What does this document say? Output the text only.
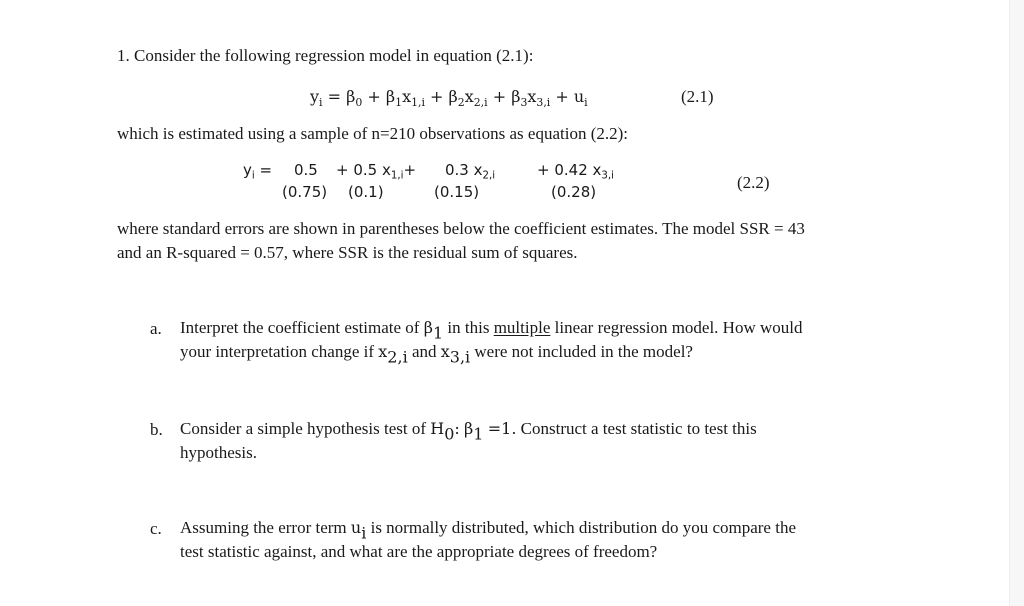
1. Consider the following regression model in equation (2.1):
$y_i = \beta_0 + \beta_1x_{1,i} + \beta_2x_{2,i} + \beta_3x_{3,i} + u_i$	(2.1)
which is estimated using a sample of n=210 observations as equation (2.2):
$y_i = 0.5 + 0.5$ $x_{1,i}+ 0.3$ $x_{2,i}$	+ 0.42 $x_{3,i}$
(0.75) (0.1)	(0.15)	(0.28)	(2.2)
where standard errors are shown in parentheses below the coefficient estimates. The model SSR = 43
and an R-squared = 0.57, where SSR is the residual sum of squares.
a. Interpret the coefficient estimate of $\beta_1$ in this multiple linear regression model. How would
your interpretation change if $x_{2,i}$ and $x_{3,i}$ were not included in the model?
b. Consider a simple hypothesis test of $H_0$: $\beta_1 =1$. Construct a test statistic to test this
hypothesis.
c. Assuming the error term $u_i$ is normally distributed, which distribution do you compare the
test statistic against, and what are the appropriate degrees of freedom?
